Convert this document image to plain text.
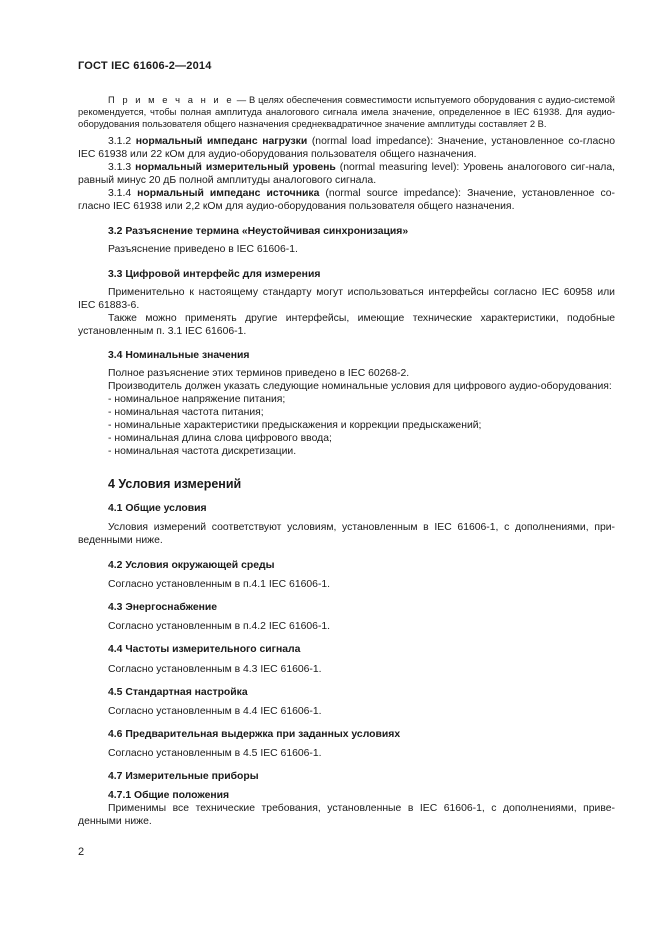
ГОСТ IEC 61606-2—2014

П р и м е ч а н и е — В целях обеспечения совместимости испытуемого оборудования с аудио-системой рекомендуется, чтобы полная амплитуда аналогового сигнала имела значение, определенное в IEC 61938. Для аудио-оборудования пользователя общего назначения среднеквадратичное значение амплитуды составляет 2 В.

3.1.2 нормальный импеданс нагрузки (normal load impedance): Значение, установленное со-гласно IEC 61938 или 22 кОм для аудио-оборудования пользователя общего назначения.

3.1.3 нормальный измерительный уровень (normal measuring level): Уровень аналогового сиг-нала, равный минус 20 дБ полной амплитуды аналогового сигнала.

3.1.4 нормальный импеданс источника (normal source impedance): Значение, установленное со-гласно IEC 61938 или 2,2 кОм для аудио-оборудования пользователя общего назначения.

3.2 Разъяснение термина «Неустойчивая синхронизация»

Разъяснение приведено в IEC 61606-1.

3.3 Цифровой интерфейс для измерения

Применительно к настоящему стандарту могут использоваться интерфейсы согласно IEC 60958 или IEC 61883-6.

Также можно применять другие интерфейсы, имеющие технические характеристики, подобные установленным п. 3.1 IEC 61606-1.

3.4 Номинальные значения

Полное разъяснение этих терминов приведено в IEC 60268-2.

Производитель должен указать следующие номинальные условия для цифрового аудио-оборудования:

- номинальное напряжение питания;

- номинальная частота питания;

- номинальные характеристики предыскажения и коррекции предыскажений;

- номинальная длина слова цифрового ввода;

- номинальная частота дискретизации.

4 Условия измерений

4.1 Общие условия

Условия измерений соответствуют условиям, установленным в IEC 61606-1, с дополнениями, при-веденными ниже.

4.2 Условия окружающей среды

Согласно установленным в п.4.1 IEC 61606-1.

4.3 Энергоснабжение

Согласно установленным в п.4.2 IEC 61606-1.

4.4 Частоты измерительного сигнала

Согласно установленным в 4.3 IEC 61606-1.

4.5 Стандартная настройка

Согласно установленным в 4.4 IEC 61606-1.

4.6 Предварительная выдержка при заданных условиях

Согласно установленным в 4.5 IEC 61606-1.

4.7 Измерительные приборы

4.7.1 Общие положения

Применимы все технические требования, установленные в IEC 61606-1, с дополнениями, приве-денными ниже.

2
